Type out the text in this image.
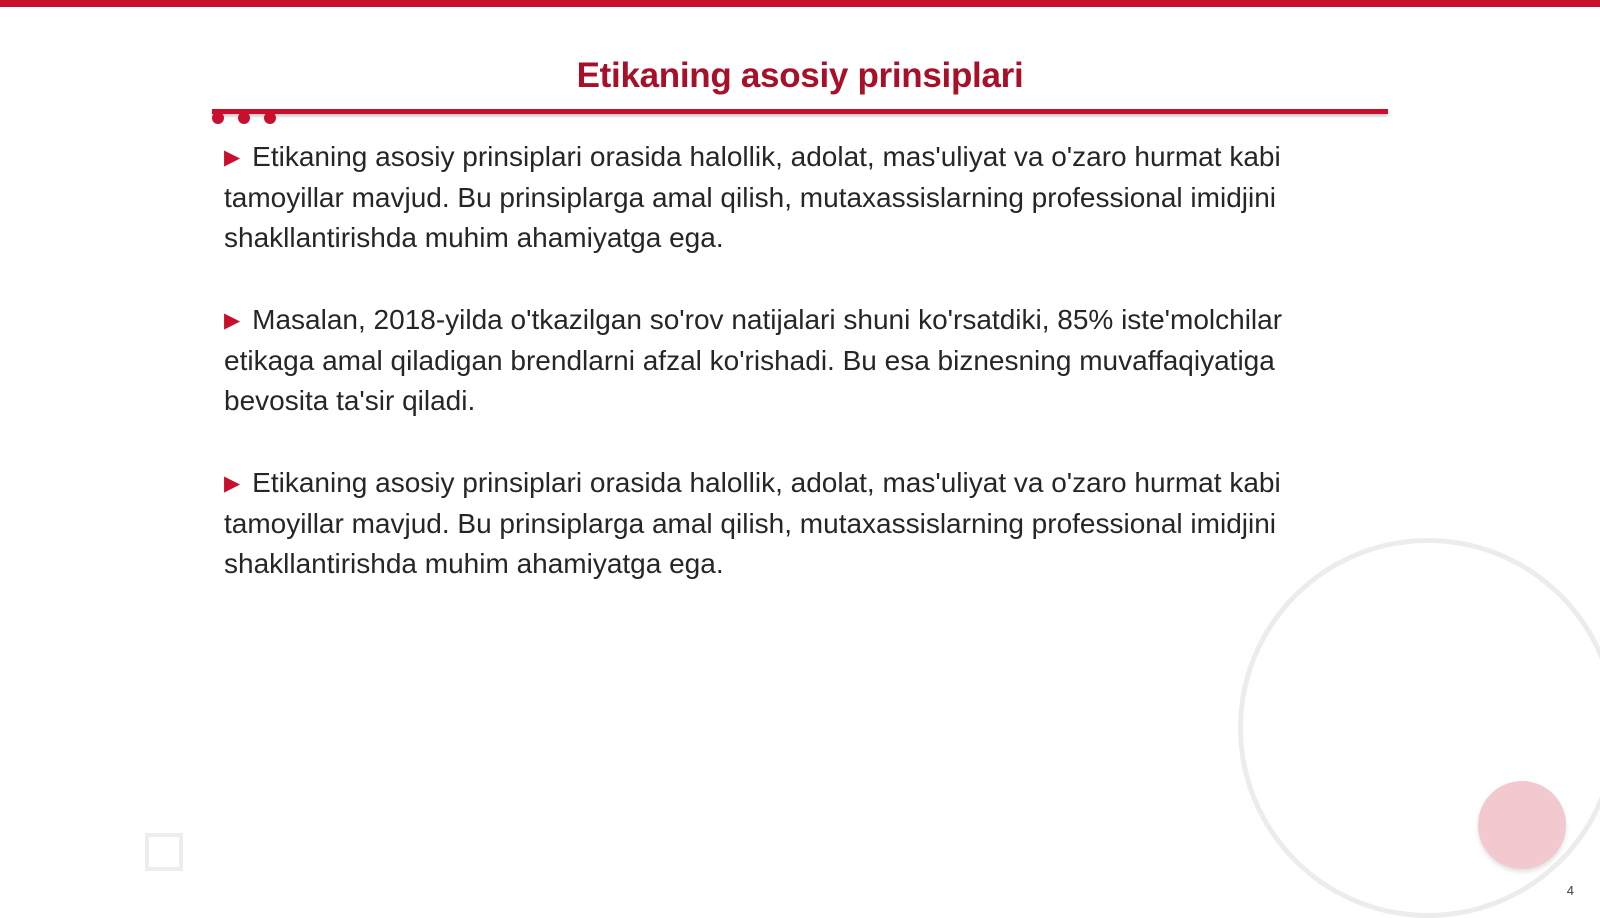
Etikaning asosiy prinsiplari

▶ Etikaning asosiy prinsiplari orasida halollik, adolat, mas'uliyat va o'zaro hurmat kabi tamoyillar mavjud. Bu prinsiplarga amal qilish, mutaxassislarning professional imidjini shakllantirishda muhim ahamiyatga ega.

▶ Masalan, 2018-yilda o'tkazilgan so'rov natijalari shuni ko'rsatdiki, 85% iste'molchilar etikaga amal qiladigan brendlarni afzal ko'rishadi. Bu esa biznesning muvaffaqiyatiga bevosita ta'sir qiladi.

▶ Etikaning asosiy prinsiplari orasida halollik, adolat, mas'uliyat va o'zaro hurmat kabi tamoyillar mavjud. Bu prinsiplarga amal qilish, mutaxassislarning professional imidjini shakllantirishda muhim ahamiyatga ega.

4
